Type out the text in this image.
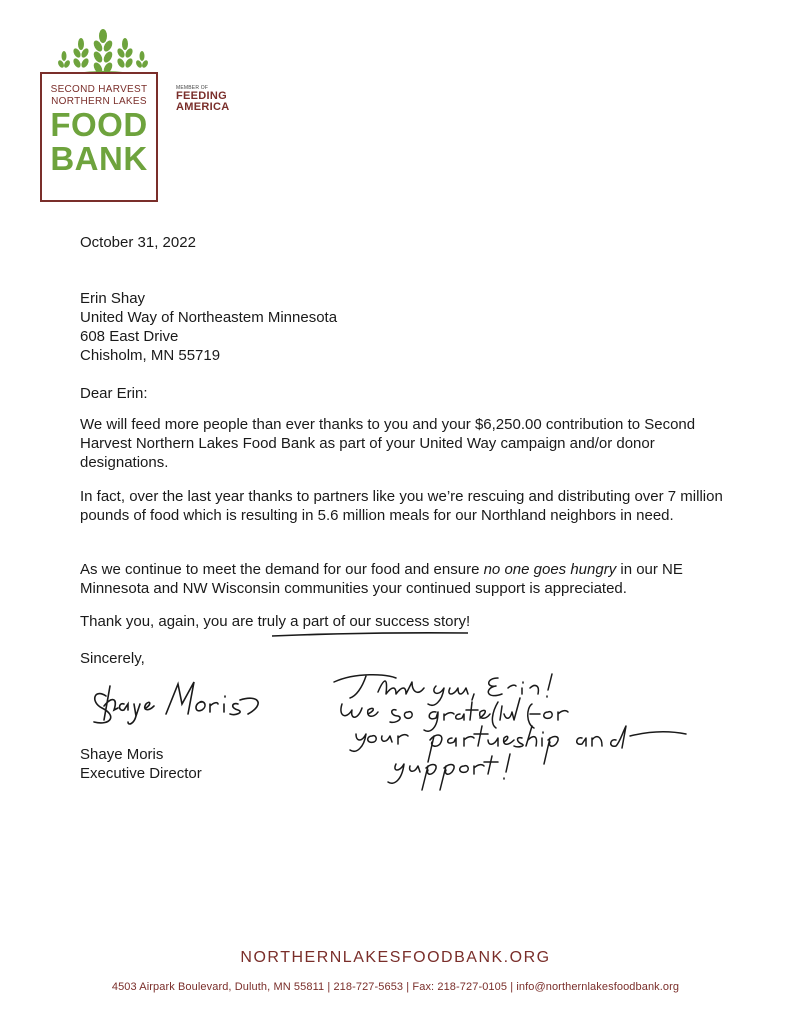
SECOND HARVEST
NORTHERN LAKES
FOOD
BANK
MEMBER OF
FEEDING
AMERICA
October 31, 2022

Erin Shay

United Way of Northeastem Minnesota

608 East Drive

Chisholm, MN 55719

Dear Erin:
We will feed more people than ever thanks to you and your $6,250.00 contribution to Second Harvest Northern Lakes Food Bank as part of your United Way campaign and/or donor designations.
In fact, over the last year thanks to partners like you we’re rescuing and distributing over 7 million pounds of food which is resulting in 5.6 million meals for our Northland neighbors in need.
As we continue to meet the demand for our food and ensure no one goes hungry in our NE Minnesota and NW Wisconsin communities your continued support is appreciated.
Thank you, again, you are truly a part of our success story!
Sincerely,

Shaye Moris

Executive Director

NORTHERNLAKESFOODBANK.ORG
4503 Airpark Boulevard, Duluth, MN 55811 | 218-727-5653 | Fax: 218-727-0105 | info@northernlakesfoodbank.org
